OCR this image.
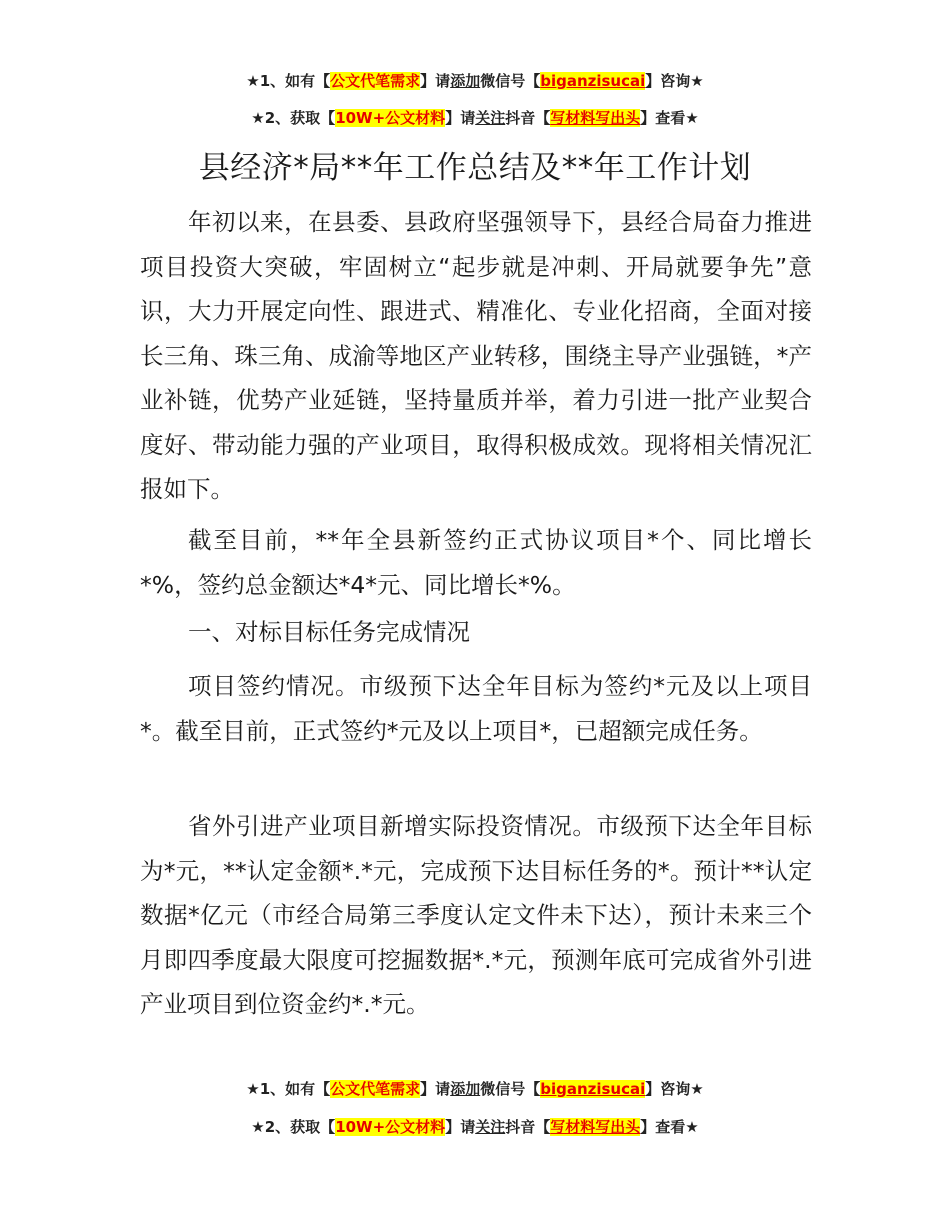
★1、如有【公文代笔需求】请添加微信号【biganzisucai】咨询★
★2、获取【10W+公文材料】请关注抖音【写材料写出头】查看★
县经济*局**年工作总结及**年工作计划

年初以来，在县委、县政府坚强领导下，县经合局奋力推进项目投资大突破，牢固树立“起步就是冲刺、开局就要争先”意识，大力开展定向性、跟进式、精准化、专业化招商，全面对接长三角、珠三角、成渝等地区产业转移，围绕主导产业强链，*产业补链，优势产业延链，坚持量质并举，着力引进一批产业契合度好、带动能力强的产业项目，取得积极成效。现将相关情况汇报如下。

截至目前，**年全县新签约正式协议项目*个、同比增长*%，签约总金额达*4*元、同比增长*%。

一、对标目标任务完成情况

项目签约情况。市级预下达全年目标为签约*元及以上项目*。截至目前，正式签约*元及以上项目*，已超额完成任务。

省外引进产业项目新增实际投资情况。市级预下达全年目标为*元，**认定金额*.*元，完成预下达目标任务的*。预计**认定数据*亿元（市经合局第三季度认定文件未下达），预计未来三个月即四季度最大限度可挖掘数据*.*元，预测年底可完成省外引进产业项目到位资金约*.*元。

★1、如有【公文代笔需求】请添加微信号【biganzisucai】咨询★
★2、获取【10W+公文材料】请关注抖音【写材料写出头】查看★
